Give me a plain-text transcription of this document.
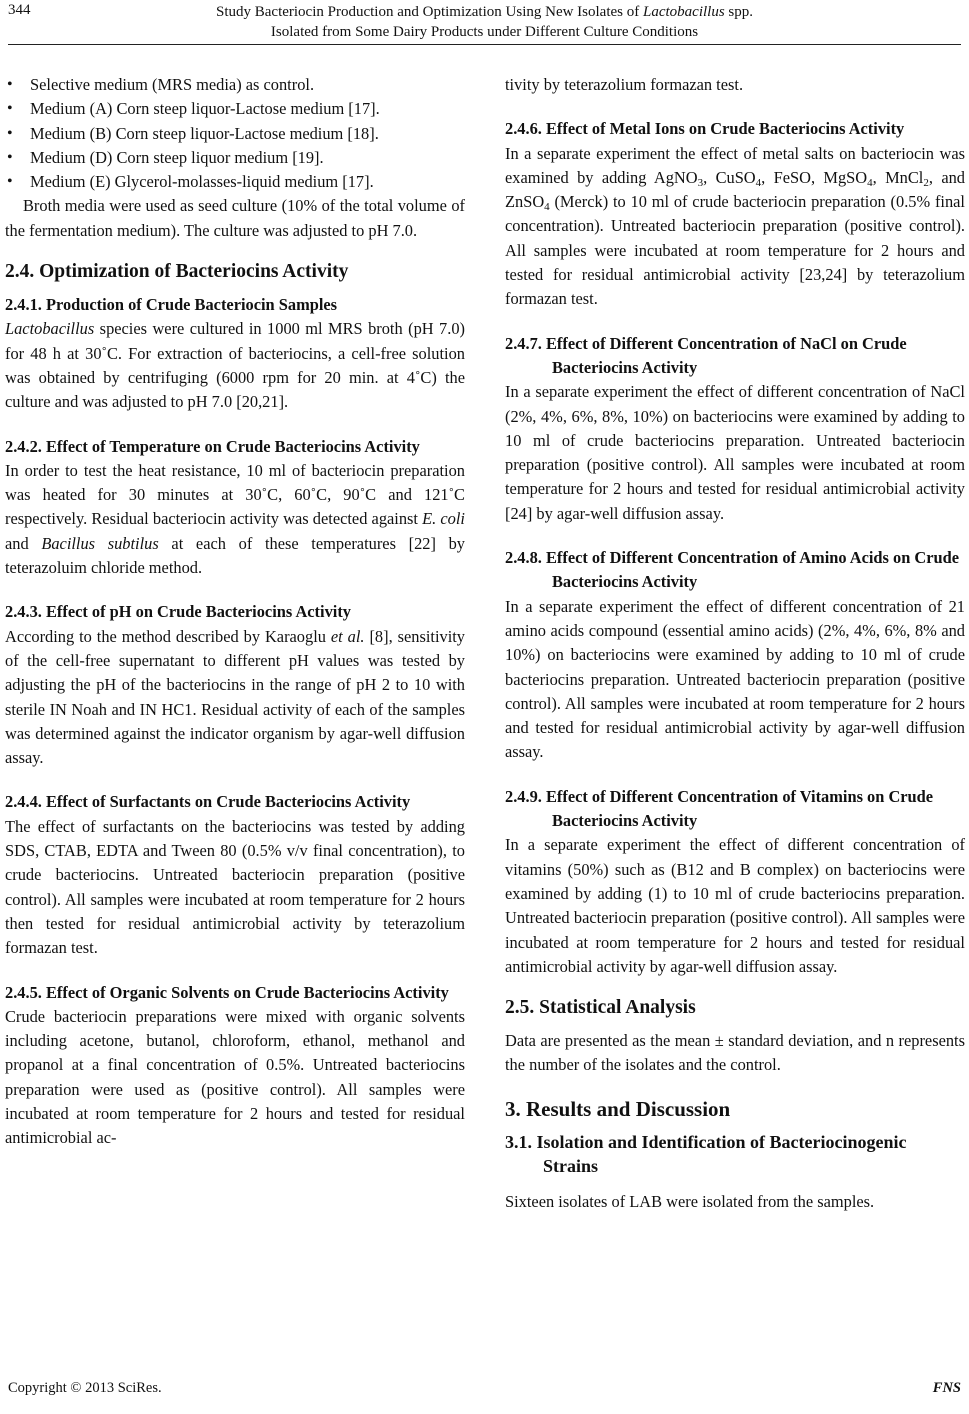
344	Study Bacteriocin Production and Optimization Using New Isolates of Lactobacillus spp.
Isolated from Some Dairy Products under Different Culture Conditions
• Selective medium (MRS media) as control.
• Medium (A) Corn steep liquor-Lactose medium [17].
• Medium (B) Corn steep liquor-Lactose medium [18].
• Medium (D) Corn steep liquor medium [19].
• Medium (E) Glycerol-molasses-liquid medium [17].

Broth media were used as seed culture (10% of the total volume of the fermentation medium). The culture was adjusted to pH 7.0.

2.4. Optimization of Bacteriocins Activity
2.4.1. Production of Crude Bacteriocin Samples

Lactobacillus species were cultured in 1000 ml MRS broth (pH 7.0) for 48 h at 30˚C. For extraction of bacteriocins, a cell-free solution was obtained by centrifuging (6000 rpm for 20 min. at 4˚C) the culture and was adjusted to pH 7.0 [20,21].

2.4.2. Effect of Temperature on Crude Bacteriocins Activity

In order to test the heat resistance, 10 ml of bacteriocin preparation was heated for 30 minutes at 30˚C, 60˚C, 90˚C and 121˚C respectively. Residual bacteriocin activity was detected against E. coli and Bacillus subtilus at each of these temperatures [22] by teterazoluim chloride method.

2.4.3. Effect of pH on Crude Bacteriocins Activity

According to the method described by Karaoglu et al. [8], sensitivity of the cell-free supernatant to different pH values was tested by adjusting the pH of the bacteriocins in the range of pH 2 to 10 with sterile IN Noah and IN HC1. Residual activity of each of the samples was determined against the indicator organism by agar-well diffusion assay.

2.4.4. Effect of Surfactants on Crude Bacteriocins Activity

The effect of surfactants on the bacteriocins was tested by adding SDS, CTAB, EDTA and Tween 80 (0.5% v/v final concentration), to crude bacteriocins. Untreated bacteriocin preparation (positive control). All samples were incubated at room temperature for 2 hours then tested for residual antimicrobial activity by teterazolium formazan test.

2.4.5. Effect of Organic Solvents on Crude Bacteriocins Activity

Crude bacteriocin preparations were mixed with organic solvents including acetone, butanol, chloroform, ethanol, methanol and propanol at a final concentration of 0.5%. Untreated bacteriocins preparation were used as (positive control). All samples were incubated at room temperature for 2 hours and tested for residual antimicrobial ac-

tivity by teterazolium formazan test.

2.4.6. Effect of Metal Ions on Crude Bacteriocins Activity

In a separate experiment the effect of metal salts on bacteriocin was examined by adding AgNO$_3$, CuSO$_4$, FeSO, MgSO$_4$, MnCl$_2$, and ZnSO$_4$ (Merck) to 10 ml of crude bacteriocin preparation (0.5% final concentration). Untreated bacteriocin preparation (positive control). All samples were incubated at room temperature for 2 hours and tested for residual antimicrobial activity [23,24] by teterazolium formazan test.

2.4.7. Effect of Different Concentration of NaCl on Crude Bacteriocins Activity

In a separate experiment the effect of different concentration of NaCl (2%, 4%, 6%, 8%, 10%) on bacteriocins were examined by adding to 10 ml of crude bacteriocins preparation. Untreated bacteriocin preparation (positive control). All samples were incubated at room temperature for 2 hours and tested for residual antimicrobial activity [24] by agar-well diffusion assay.

2.4.8. Effect of Different Concentration of Amino Acids on Crude Bacteriocins Activity

In a separate experiment the effect of different concentration of 21 amino acids compound (essential amino acids) (2%, 4%, 6%, 8% and 10%) on bacteriocins were examined by adding to 10 ml of crude bacteriocins preparation. Untreated bacteriocin preparation (positive control). All samples were incubated at room temperature for 2 hours and tested for residual antimicrobial activity by agar-well diffusion assay.

2.4.9. Effect of Different Concentration of Vitamins on Crude Bacteriocins Activity

In a separate experiment the effect of different concentration of vitamins (50%) such as (B12 and B complex) on bacteriocins were examined by adding (1) to 10 ml of crude bacteriocins preparation. Untreated bacteriocin preparation (positive control). All samples were incubated at room temperature for 2 hours and tested for residual antimicrobial activity by agar-well diffusion assay.

2.5. Statistical Analysis

Data are presented as the mean ± standard deviation, and n represents the number of the isolates and the control.

3. Results and Discussion
3.1. Isolation and Identification of Bacteriocinogenic Strains

Sixteen isolates of LAB were isolated from the samples.

Copyright © 2013 SciRes.	FNS
